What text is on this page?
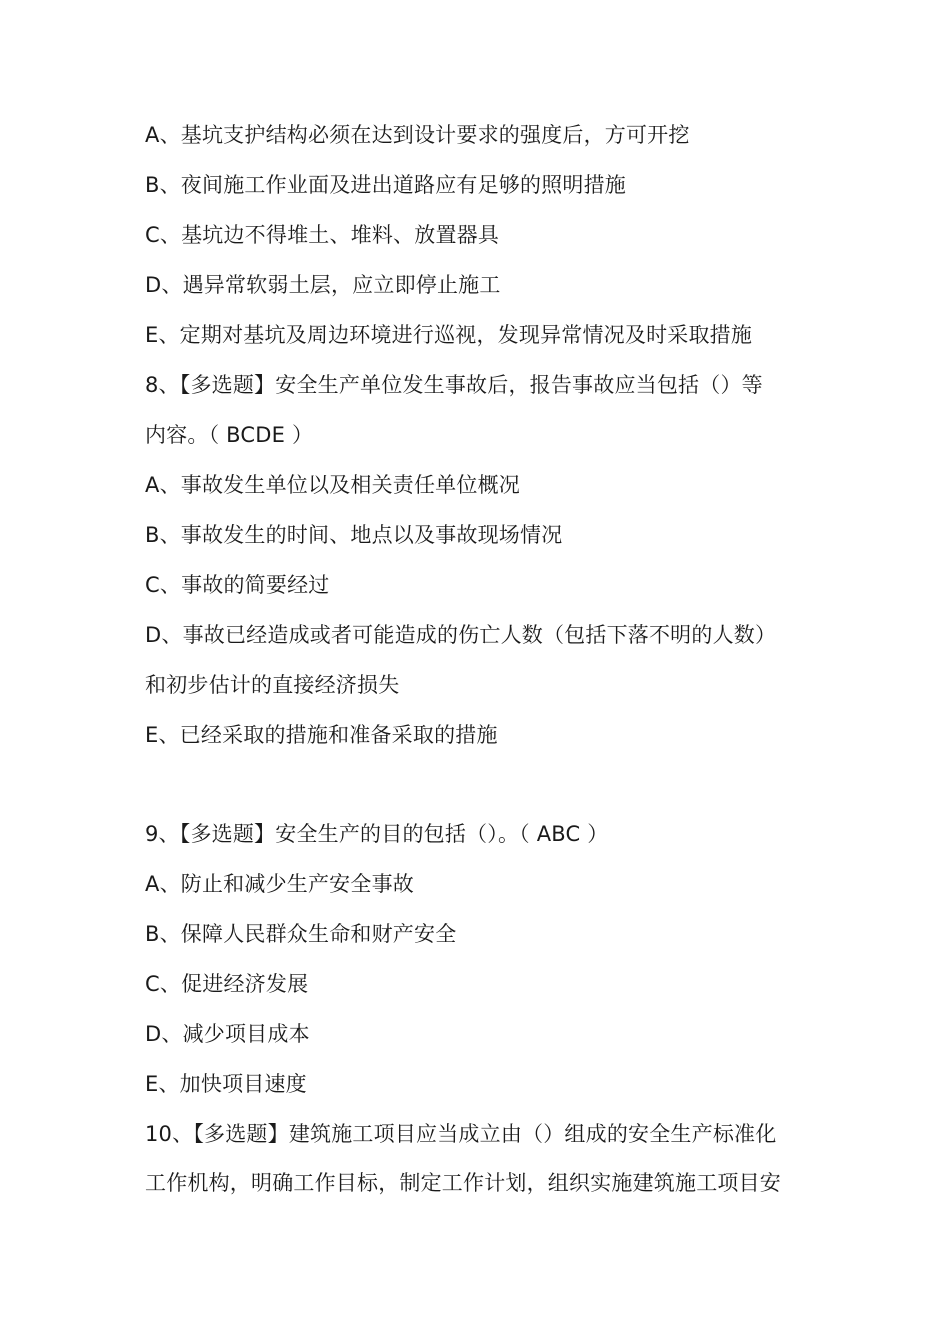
A、基坑支护结构必须在达到设计要求的强度后，方可开挖
B、夜间施工作业面及进出道路应有足够的照明措施
C、基坑边不得堆土、堆料、放置器具
D、遇异常软弱土层，应立即停止施工
E、定期对基坑及周边环境进行巡视，发现异常情况及时采取措施
8、【多选题】安全生产单位发生事故后，报告事故应当包括（）等
内容。（ BCDE ）
A、事故发生单位以及相关责任单位概况
B、事故发生的时间、地点以及事故现场情况
C、事故的简要经过
D、事故已经造成或者可能造成的伤亡人数（包括下落不明的人数）
和初步估计的直接经济损失
E、已经采取的措施和准备采取的措施
9、【多选题】安全生产的目的包括（）。（ ABC ）
A、防止和减少生产安全事故
B、保障人民群众生命和财产安全
C、促进经济发展
D、减少项目成本
E、加快项目速度
10、【多选题】建筑施工项目应当成立由（）组成的安全生产标准化
工作机构，明确工作目标，制定工作计划，组织实施建筑施工项目安
